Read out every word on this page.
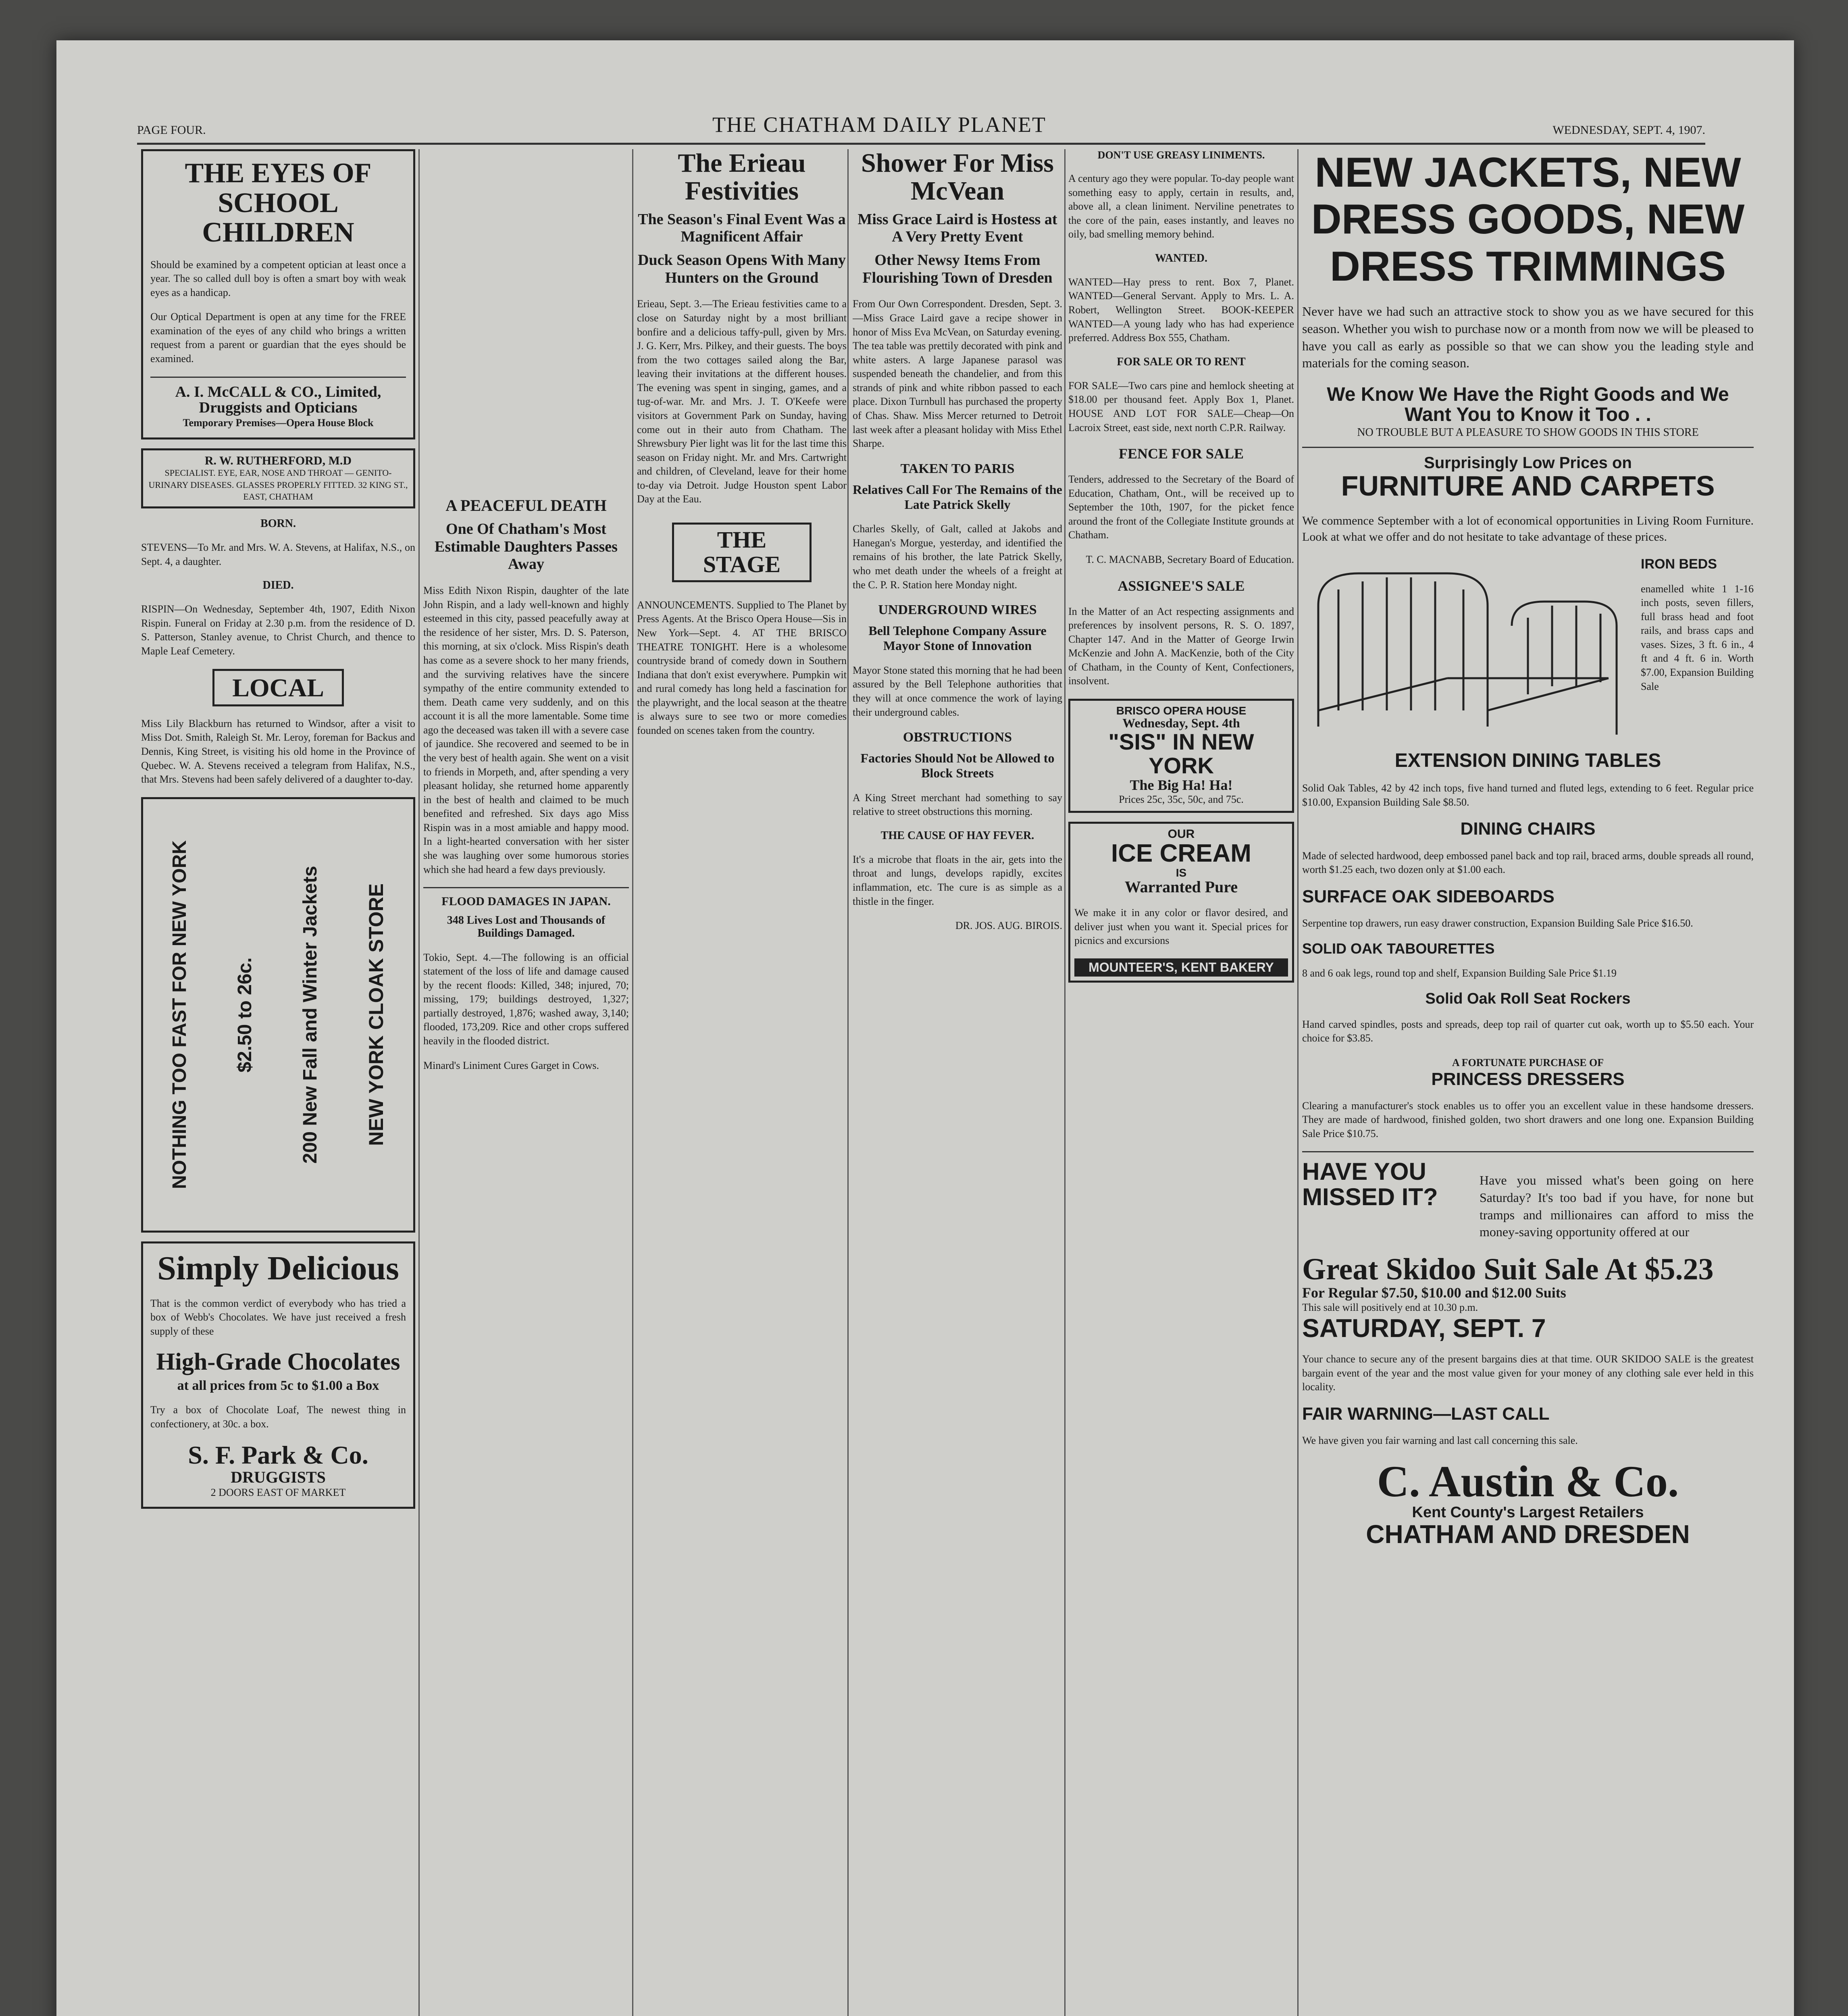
PAGE FOUR.	THE CHATHAM DAILY PLANET	WEDNESDAY, SEPT. 4, 1907.
THE EYES OF SCHOOL CHILDREN

Should be examined by a competent optician at least once a year. The so called dull boy is often a smart boy with weak eyes as a handicap.

Our Optical Department is open at any time for the FREE examination of the eyes of any child who brings a written request from a parent or guardian that the eyes should be examined.

A. I. McCALL & CO., Limited, Druggists and Opticians
Temporary Premises—Opera House Block
R. W. RUTHERFORD, M.D
SPECIALIST. EYE, EAR, NOSE AND THROAT — GENITO-URINARY DISEASES. GLASSES PROPERLY FITTED. 32 KING ST., EAST, CHATHAM
BORN.

STEVENS—To Mr. and Mrs. W. A. Stevens, at Halifax, N.S., on Sept. 4, a daughter.

DIED.

RISPIN—On Wednesday, September 4th, 1907, Edith Nixon Rispin. Funeral on Friday at 2.30 p.m. from the residence of D. S. Patterson, Stanley avenue, to Christ Church, and thence to Maple Leaf Cemetery.

LOCAL

Miss Lily Blackburn has returned to Windsor, after a visit to Miss Dot. Smith, Raleigh St. Mr. Leroy, foreman for Backus and Dennis, King Street, is visiting his old home in the Province of Quebec. W. A. Stevens received a telegram from Halifax, N.S., that Mrs. Stevens had been safely delivered of a daughter to-day.

NOTHING TOO FAST FOR NEW YORK $2.50 to 26c. 200 New Fall and Winter Jackets NEW YORK CLOAK STORE
Simply Delicious

That is the common verdict of everybody who has tried a box of Webb's Chocolates. We have just received a fresh supply of these

High-Grade Chocolates
at all prices from 5c to $1.00 a Box

Try a box of Chocolate Loaf, The newest thing in confectionery, at 30c. a box.

S. F. Park & Co.
DRUGGISTS
2 DOORS EAST OF MARKET
A PEACEFUL DEATH
One Of Chatham's Most Estimable Daughters Passes Away

Miss Edith Nixon Rispin, daughter of the late John Rispin, and a lady well-known and highly esteemed in this city, passed peacefully away at the residence of her sister, Mrs. D. S. Paterson, this morning, at six o'clock. Miss Rispin's death has come as a severe shock to her many friends, and the surviving relatives have the sincere sympathy of the entire community extended to them. Death came very suddenly, and on this account it is all the more lamentable. Some time ago the deceased was taken ill with a severe case of jaundice. She recovered and seemed to be in the very best of health again. She went on a visit to friends in Morpeth, and, after spending a very pleasant holiday, she returned home apparently in the best of health and claimed to be much benefited and refreshed. Six days ago Miss Rispin was in a most amiable and happy mood. In a light-hearted conversation with her sister she was laughing over some humorous stories which she had heard a few days previously.

FLOOD DAMAGES IN JAPAN.
348 Lives Lost and Thousands of Buildings Damaged.

Tokio, Sept. 4.—The following is an official statement of the loss of life and damage caused by the recent floods: Killed, 348; injured, 70; missing, 179; buildings destroyed, 1,327; partially destroyed, 1,876; washed away, 3,140; flooded, 173,209. Rice and other crops suffered heavily in the flooded district.

Minard's Liniment Cures Garget in Cows.

The Erieau Festivities
The Season's Final Event Was a Magnificent Affair
Duck Season Opens With Many Hunters on the Ground

Erieau, Sept. 3.—The Erieau festivities came to a close on Saturday night by a most brilliant bonfire and a delicious taffy-pull, given by Mrs. J. G. Kerr, Mrs. Pilkey, and their guests. The boys from the two cottages sailed along the Bar, leaving their invitations at the different houses. The evening was spent in singing, games, and a tug-of-war. Mr. and Mrs. J. T. O'Keefe were visitors at Government Park on Sunday, having come out in their auto from Chatham. The Shrewsbury Pier light was lit for the last time this season on Friday night. Mr. and Mrs. Cartwright and children, of Cleveland, leave for their home to-day via Detroit. Judge Houston spent Labor Day at the Eau.

THE STAGE

ANNOUNCEMENTS. Supplied to The Planet by Press Agents. At the Brisco Opera House—Sis in New York—Sept. 4. AT THE BRISCO THEATRE TONIGHT. Here is a wholesome countryside brand of comedy down in Southern Indiana that don't exist everywhere. Pumpkin wit and rural comedy has long held a fascination for the playwright, and the local season at the theatre is always sure to see two or more comedies founded on scenes taken from the country.

Shower For Miss McVean
Miss Grace Laird is Hostess at A Very Pretty Event
Other Newsy Items From Flourishing Town of Dresden

From Our Own Correspondent. Dresden, Sept. 3.—Miss Grace Laird gave a recipe shower in honor of Miss Eva McVean, on Saturday evening. The tea table was prettily decorated with pink and white asters. A large Japanese parasol was suspended beneath the chandelier, and from this strands of pink and white ribbon passed to each place. Dixon Turnbull has purchased the property of Chas. Shaw. Miss Mercer returned to Detroit last week after a pleasant holiday with Miss Ethel Sharpe.

TAKEN TO PARIS
Relatives Call For The Remains of the Late Patrick Skelly

Charles Skelly, of Galt, called at Jakobs and Hanegan's Morgue, yesterday, and identified the remains of his brother, the late Patrick Skelly, who met death under the wheels of a freight at the C. P. R. Station here Monday night.

UNDERGROUND WIRES
Bell Telephone Company Assure Mayor Stone of Innovation

Mayor Stone stated this morning that he had been assured by the Bell Telephone authorities that they will at once commence the work of laying their underground cables.

OBSTRUCTIONS
Factories Should Not be Allowed to Block Streets

A King Street merchant had something to say relative to street obstructions this morning.

THE CAUSE OF HAY FEVER.

It's a microbe that floats in the air, gets into the throat and lungs, develops rapidly, excites inflammation, etc. The cure is as simple as a thistle in the finger.

DR. JOS. AUG. BIROIS.

DON'T USE GREASY LINIMENTS.

A century ago they were popular. To-day people want something easy to apply, certain in results, and, above all, a clean liniment. Nerviline penetrates to the core of the pain, eases instantly, and leaves no oily, bad smelling memory behind.

WANTED.

WANTED—Hay press to rent. Box 7, Planet. WANTED—General Servant. Apply to Mrs. L. A. Robert, Wellington Street. BOOK-KEEPER WANTED—A young lady who has had experience preferred. Address Box 555, Chatham.

FOR SALE OR TO RENT

FOR SALE—Two cars pine and hemlock sheeting at $18.00 per thousand feet. Apply Box 1, Planet. HOUSE AND LOT FOR SALE—Cheap—On Lacroix Street, east side, next north C.P.R. Railway.

FENCE FOR SALE

Tenders, addressed to the Secretary of the Board of Education, Chatham, Ont., will be received up to September the 10th, 1907, for the picket fence around the front of the Collegiate Institute grounds at Chatham.

T. C. MACNABB, Secretary Board of Education.

ASSIGNEE'S SALE

In the Matter of an Act respecting assignments and preferences by insolvent persons, R. S. O. 1897, Chapter 147. And in the Matter of George Irwin McKenzie and John A. MacKenzie, both of the City of Chatham, in the County of Kent, Confectioners, insolvent.

BRISCO OPERA HOUSE
Wednesday, Sept. 4th
"SIS" IN NEW YORK
The Big Ha! Ha!
Prices 25c, 35c, 50c, and 75c.
OUR
ICE CREAM
IS
Warranted Pure

We make it in any color or flavor desired, and deliver just when you want it. Special prices for picnics and excursions

MOUNTEER'S, KENT BAKERY
NEW JACKETS, NEW DRESS GOODS, NEW DRESS TRIMMINGS

Never have we had such an attractive stock to show you as we have secured for this season. Whether you wish to purchase now or a month from now we will be pleased to have you call as early as possible so that we can show you the leading style and materials for the coming season.

We Know We Have the Right Goods and We Want You to Know it Too . .
NO TROUBLE BUT A PLEASURE TO SHOW GOODS IN THIS STORE
Surprisingly Low Prices on
FURNITURE AND CARPETS

We commence September with a lot of economical opportunities in Living Room Furniture. Look at what we offer and do not hesitate to take advantage of these prices.

IRON BEDS

enamelled white 1 1-16 inch posts, seven fillers, full brass head and foot rails, and brass caps and vases. Sizes, 3 ft. 6 in., 4 ft and 4 ft. 6 in. Worth $7.00, Expansion Building Sale

EXTENSION DINING TABLES

Solid Oak Tables, 42 by 42 inch tops, five hand turned and fluted legs, extending to 6 feet. Regular price $10.00, Expansion Building Sale $8.50.

DINING CHAIRS

Made of selected hardwood, deep embossed panel back and top rail, braced arms, double spreads all round, worth $1.25 each, two dozen only at $1.00 each.

SURFACE OAK SIDEBOARDS

Serpentine top drawers, run easy drawer construction, Expansion Building Sale Price $16.50.

SOLID OAK TABOURETTES

8 and 6 oak legs, round top and shelf, Expansion Building Sale Price $1.19

Solid Oak Roll Seat Rockers

Hand carved spindles, posts and spreads, deep top rail of quarter cut oak, worth up to $5.50 each. Your choice for $3.85.

A FORTUNATE PURCHASE OF
PRINCESS DRESSERS

Clearing a manufacturer's stock enables us to offer you an excellent value in these handsome dressers. They are made of hardwood, finished golden, two short drawers and one long one. Expansion Building Sale Price $10.75.

HAVE YOU MISSED IT?

Have you missed what's been going on here Saturday? It's too bad if you have, for none but tramps and millionaires can afford to miss the money-saving opportunity offered at our

Great Skidoo Suit Sale At $5.23
For Regular $7.50, $10.00 and $12.00 Suits
This sale will positively end at 10.30 p.m.
SATURDAY, SEPT. 7

Your chance to secure any of the present bargains dies at that time. OUR SKIDOO SALE is the greatest bargain event of the year and the most value given for your money of any clothing sale ever held in this locality.

FAIR WARNING—LAST CALL

We have given you fair warning and last call concerning this sale.

C. Austin & Co.
Kent County's Largest Retailers
CHATHAM AND DRESDEN
